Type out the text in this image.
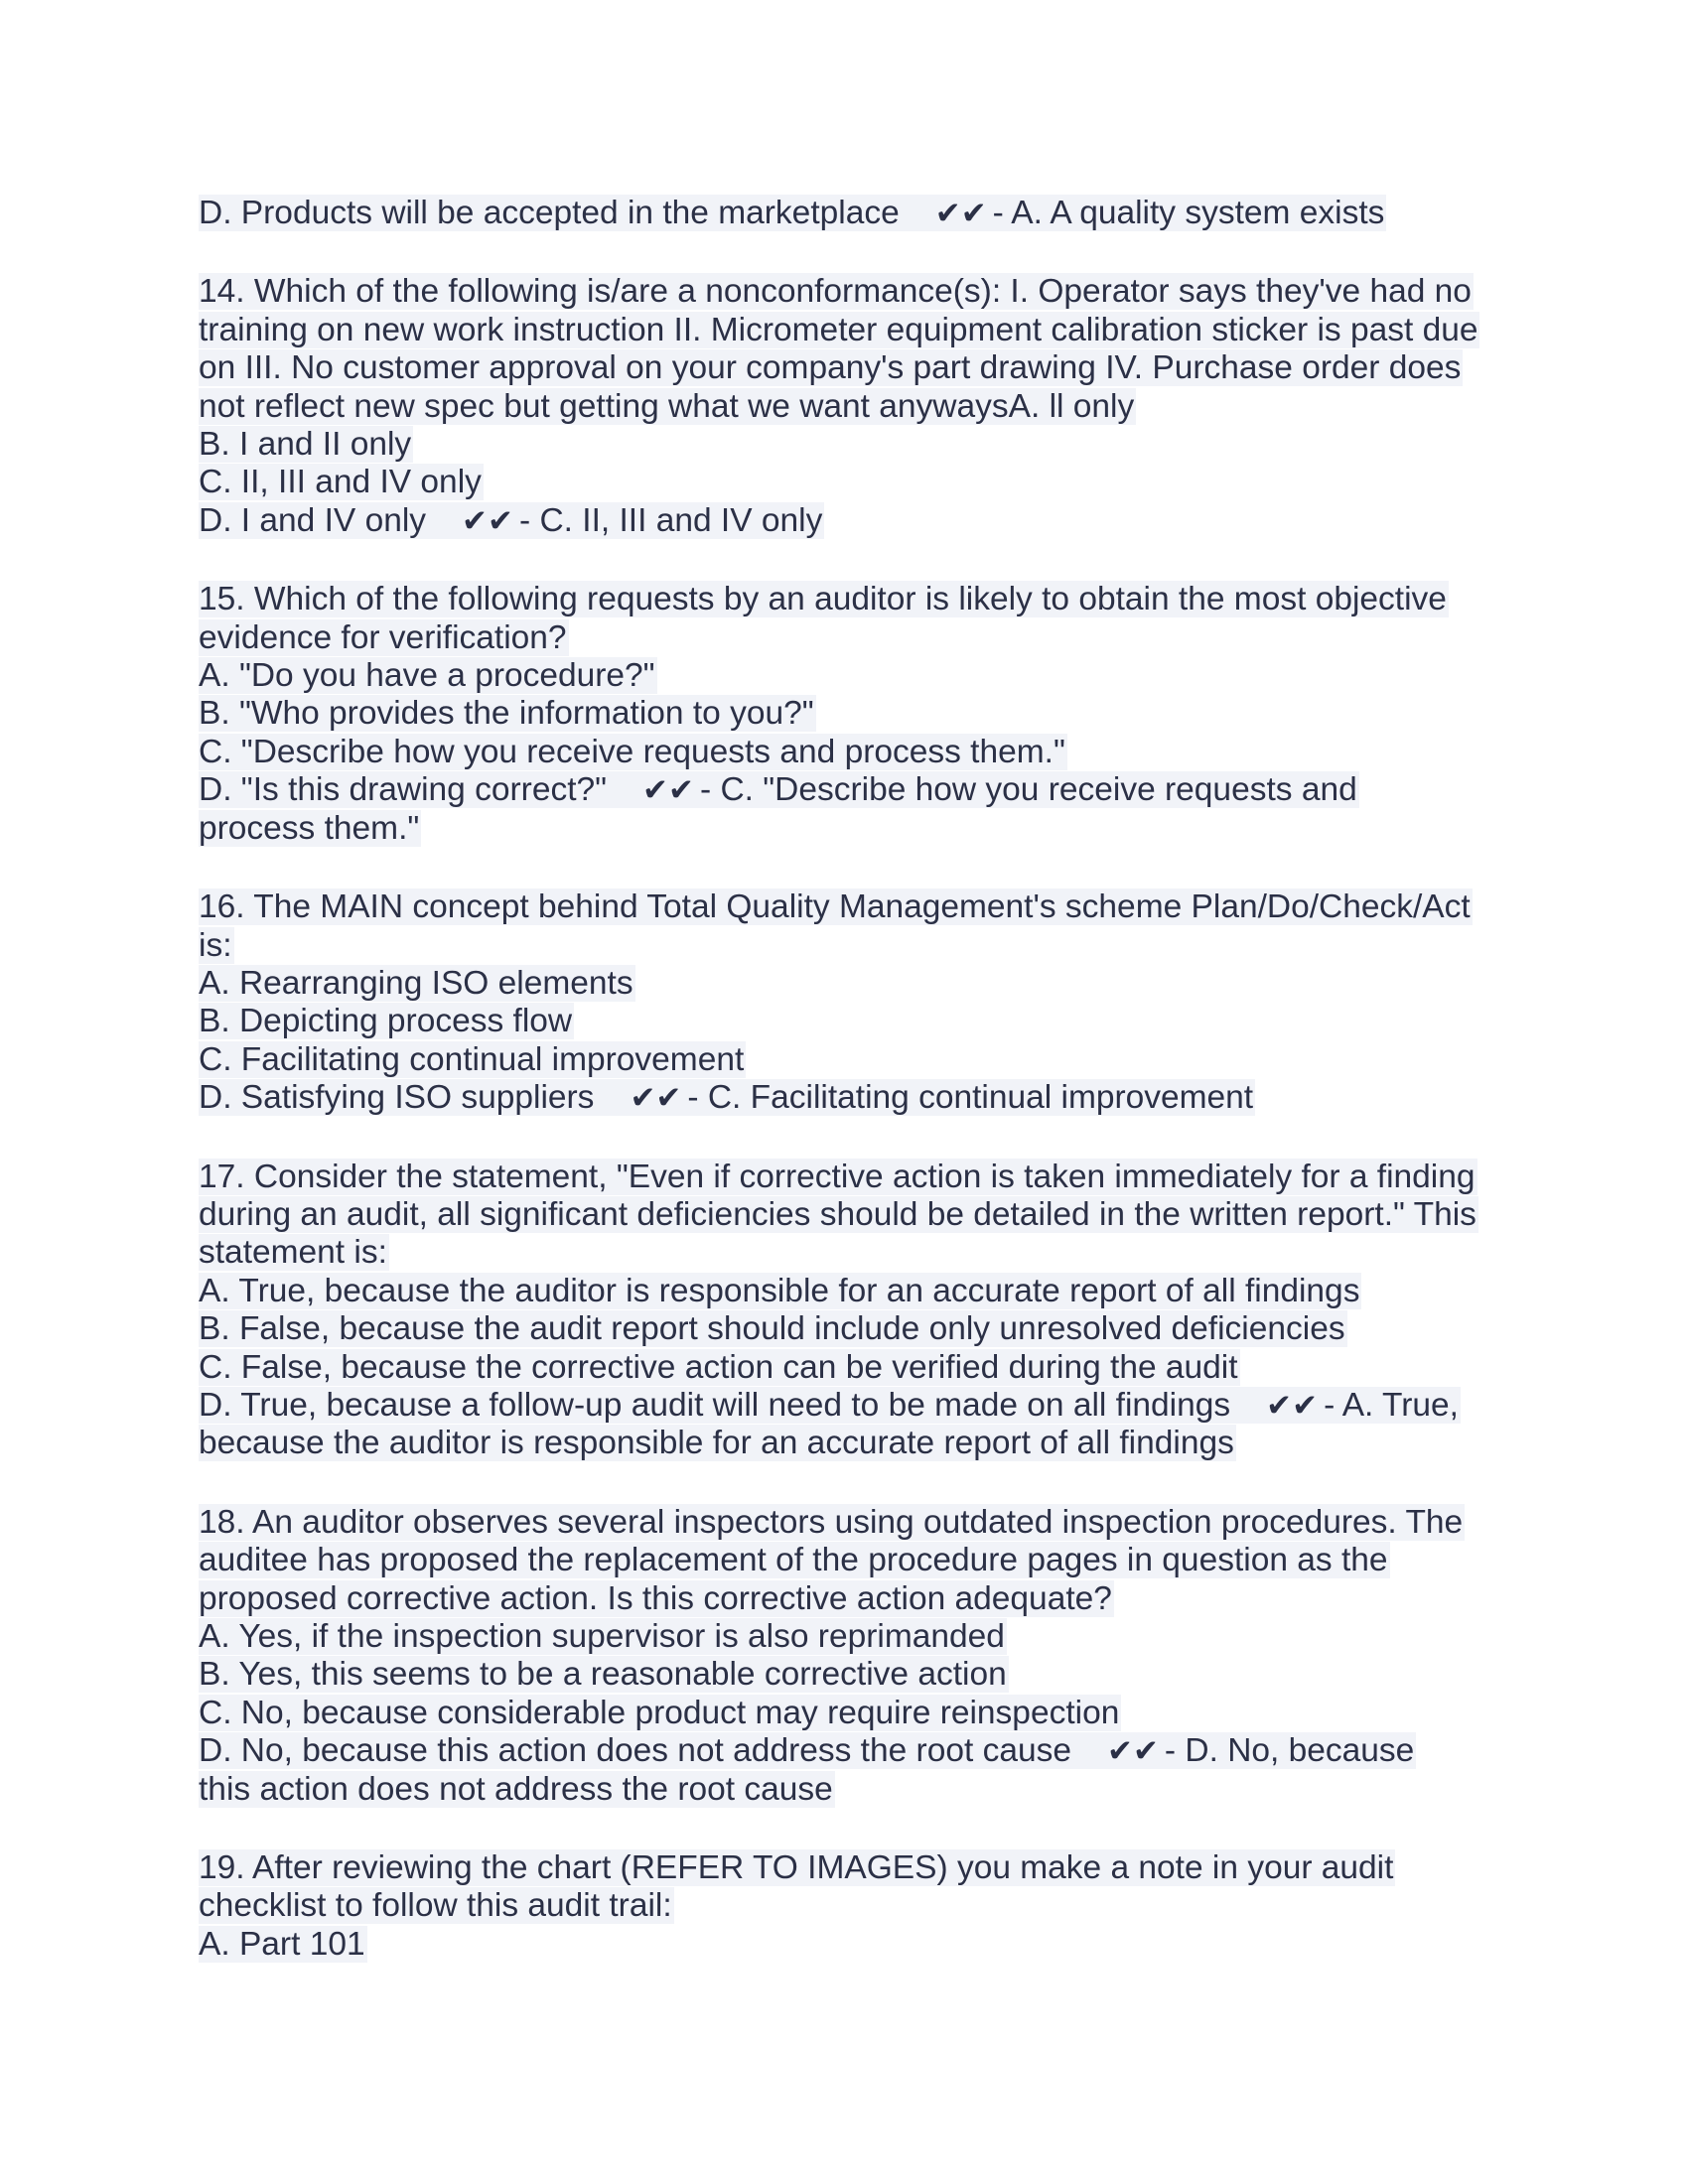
D. Products will be accepted in the marketplace ✔✔ - A. A quality system exists
14. Which of the following is/are a nonconformance(s): I. Operator says they've had no
training on new work instruction II. Micrometer equipment calibration sticker is past due
on III. No customer approval on your company's part drawing IV. Purchase order does
not reflect new spec but getting what we want anywaysA. ll only
B. I and II only
C. II, III and IV only
D. I and IV only ✔✔ - C. II, III and IV only
15. Which of the following requests by an auditor is likely to obtain the most objective
evidence for verification?
A. "Do you have a procedure?"
B. "Who provides the information to you?"
C. "Describe how you receive requests and process them."
D. "Is this drawing correct?" ✔✔ - C. "Describe how you receive requests and
process them."
16. The MAIN concept behind Total Quality Management's scheme Plan/Do/Check/Act
is:
A. Rearranging ISO elements
B. Depicting process flow
C. Facilitating continual improvement
D. Satisfying ISO suppliers ✔✔ - C. Facilitating continual improvement
17. Consider the statement, "Even if corrective action is taken immediately for a finding
during an audit, all significant deficiencies should be detailed in the written report." This
statement is:
A. True, because the auditor is responsible for an accurate report of all findings
B. False, because the audit report should include only unresolved deficiencies
C. False, because the corrective action can be verified during the audit
D. True, because a follow-up audit will need to be made on all findings ✔✔ - A. True,
because the auditor is responsible for an accurate report of all findings
18. An auditor observes several inspectors using outdated inspection procedures. The
auditee has proposed the replacement of the procedure pages in question as the
proposed corrective action. Is this corrective action adequate?
A. Yes, if the inspection supervisor is also reprimanded
B. Yes, this seems to be a reasonable corrective action
C. No, because considerable product may require reinspection
D. No, because this action does not address the root cause ✔✔ - D. No, because
this action does not address the root cause
19. After reviewing the chart (REFER TO IMAGES) you make a note in your audit
checklist to follow this audit trail:
A. Part 101
